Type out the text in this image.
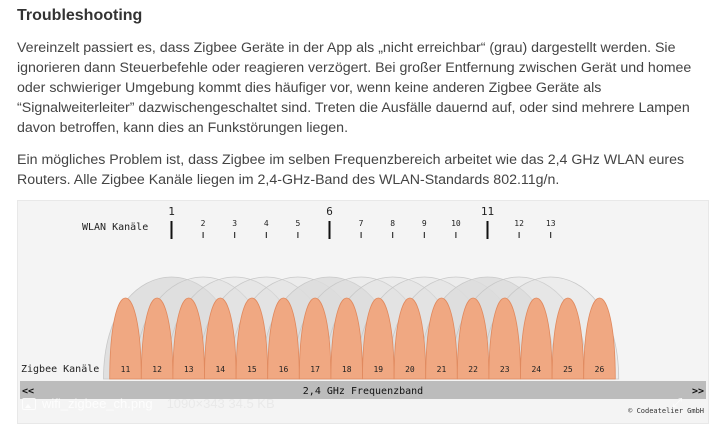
Troubleshooting

Vereinzelt passiert es, dass Zigbee Geräte in der App als „nicht erreichbar“ (grau) dargestellt werden. Sie ignorieren dann Steuerbefehle oder reagieren verzögert. Bei großer Entfernung zwischen Gerät und homee oder schwieriger Umgebung kommt dies häufiger vor, wenn keine anderen Zigbee Geräte als “Signalweiterleiter” dazwischengeschaltet sind. Treten die Ausfälle dauernd auf, oder sind mehrere Lampen davon betroffen, kann dies an Funkstörungen liegen.

Ein mögliches Problem ist, dass Zigbee im selben Frequenzbereich arbeitet wie das 2,4 GHz WLAN eures Routers. Alle Zigbee Kanäle liegen im 2,4-GHz-Band des WLAN-Standards 802.11g/n.

11	12	13	14	15	16	17	18	19	20	21	22	23	24	25	26
1
2	3	4	5
6
7	8	9	10
11
12	13
WLAN Kanäle
Zigbee Kanäle
<<	2,4 GHz Frequenzband	>>
© Codeatelier GmbH
wifi_zigbee_ch.png 1090×343 34.5 KB	⤢
